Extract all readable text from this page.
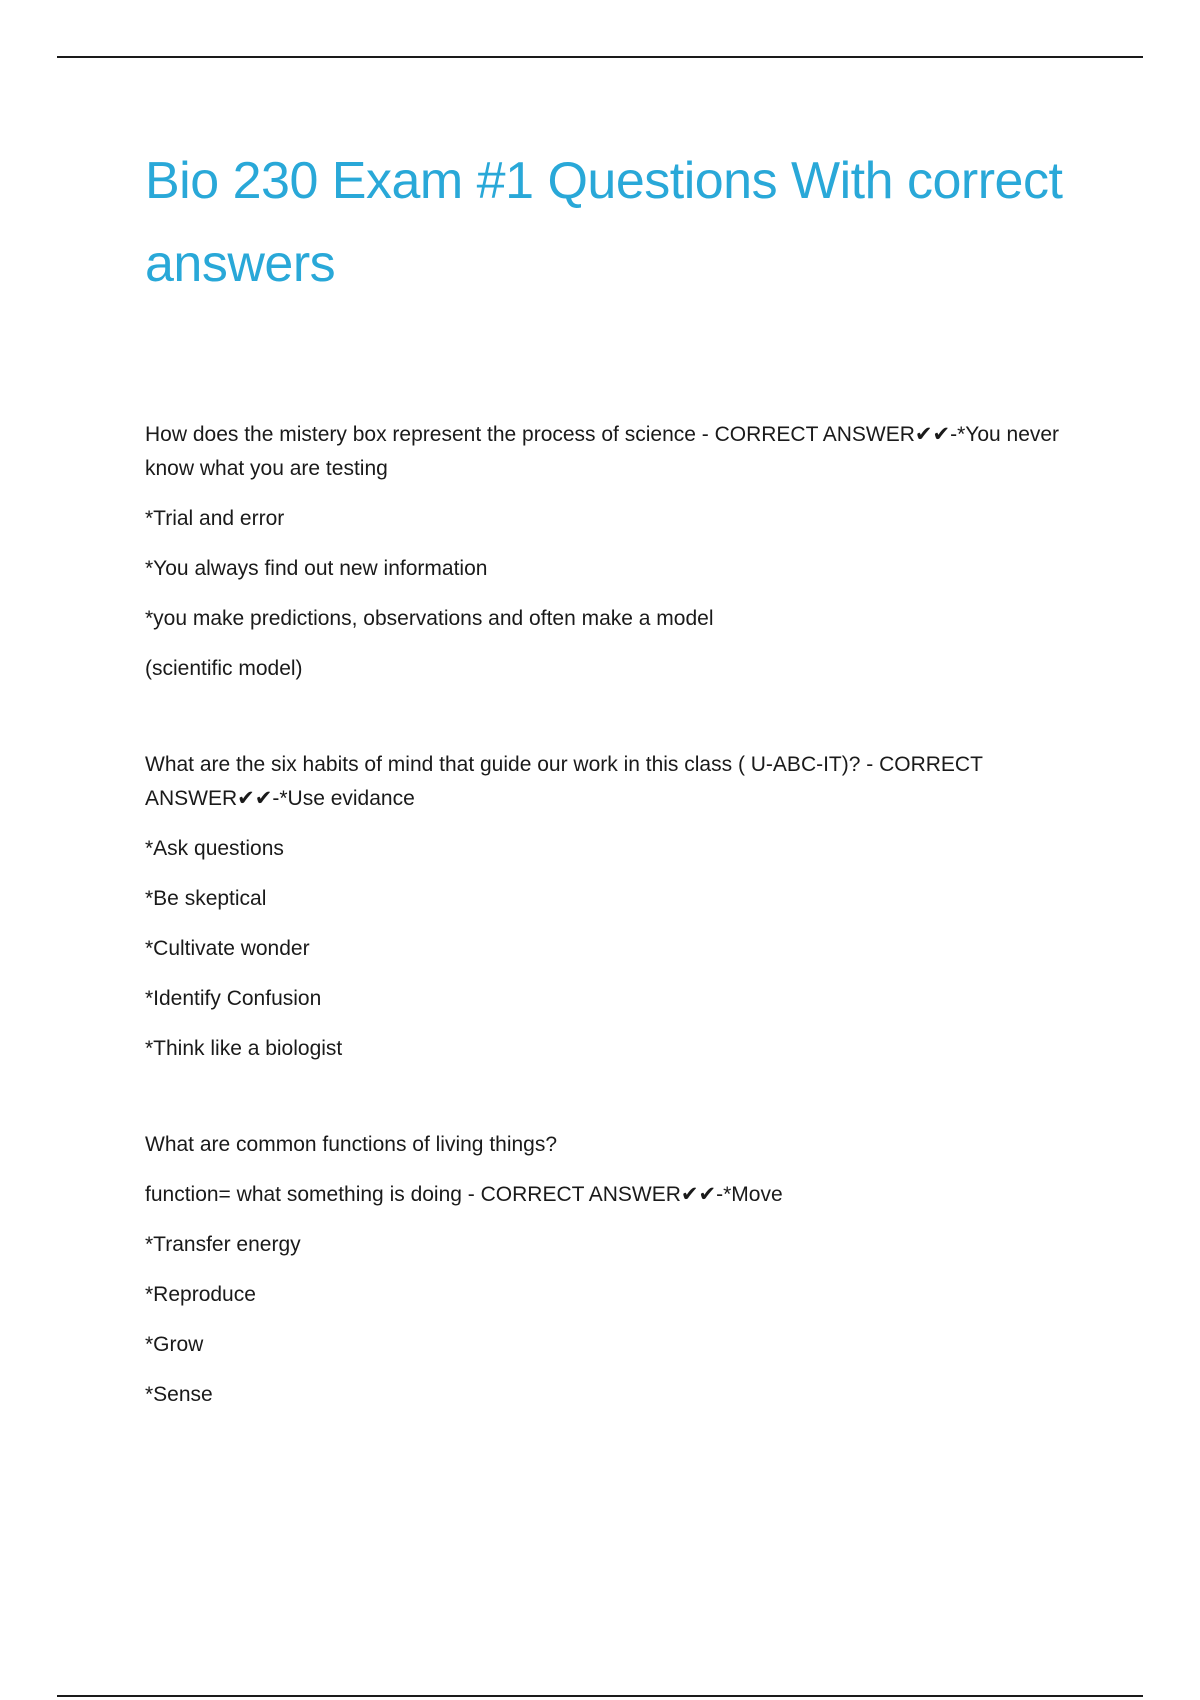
Bio 230 Exam #1 Questions With correct answers

How does the mistery box represent the process of science - CORRECT ANSWER✔✔-*You never know what you are testing

*Trial and error

*You always find out new information

*you make predictions, observations and often make a model

(scientific model)

What are the six habits of mind that guide our work in this class ( U-ABC-IT)? - CORRECT ANSWER✔✔-*Use evidance

*Ask questions

*Be skeptical

*Cultivate wonder

*Identify Confusion

*Think like a biologist

What are common functions of living things?

function= what something is doing - CORRECT ANSWER✔✔-*Move

*Transfer energy

*Reproduce

*Grow

*Sense
